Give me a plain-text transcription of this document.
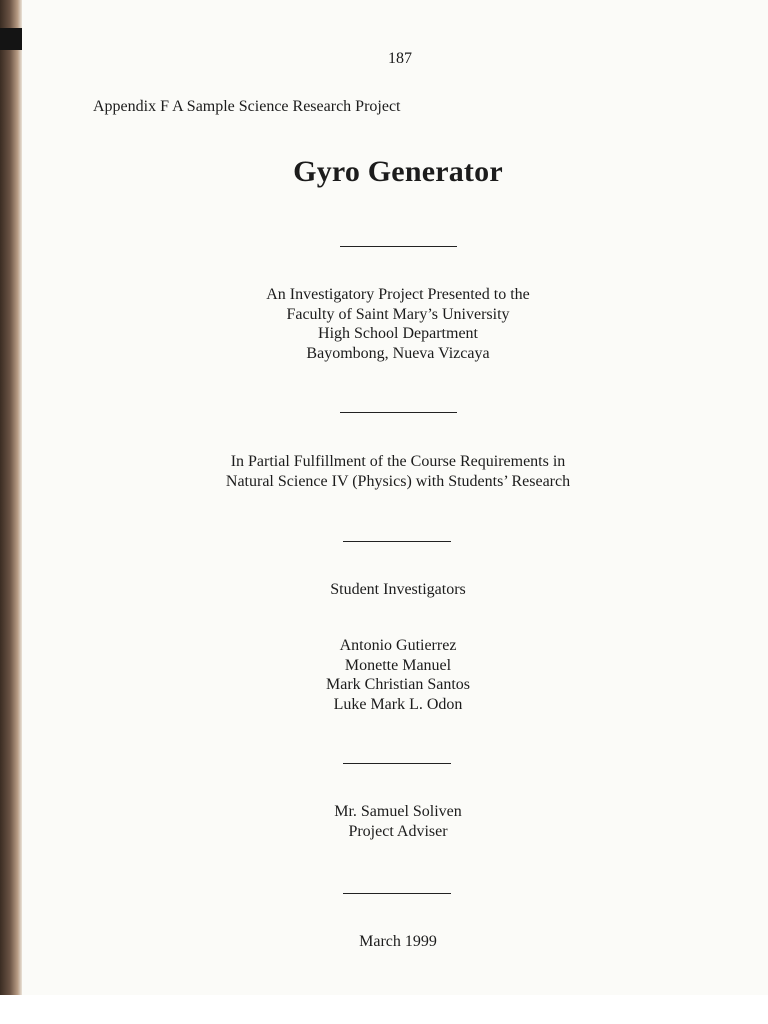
187
Appendix F A Sample Science Research Project
Gyro Generator
An Investigatory Project Presented to the
Faculty of Saint Mary’s University
High School Department
Bayombong, Nueva Vizcaya
In Partial Fulfillment of the Course Requirements in
Natural Science IV (Physics) with Students’ Research
Student Investigators
Antonio Gutierrez
Monette Manuel
Mark Christian Santos
Luke Mark L. Odon
Mr. Samuel Soliven
Project Adviser
March 1999
